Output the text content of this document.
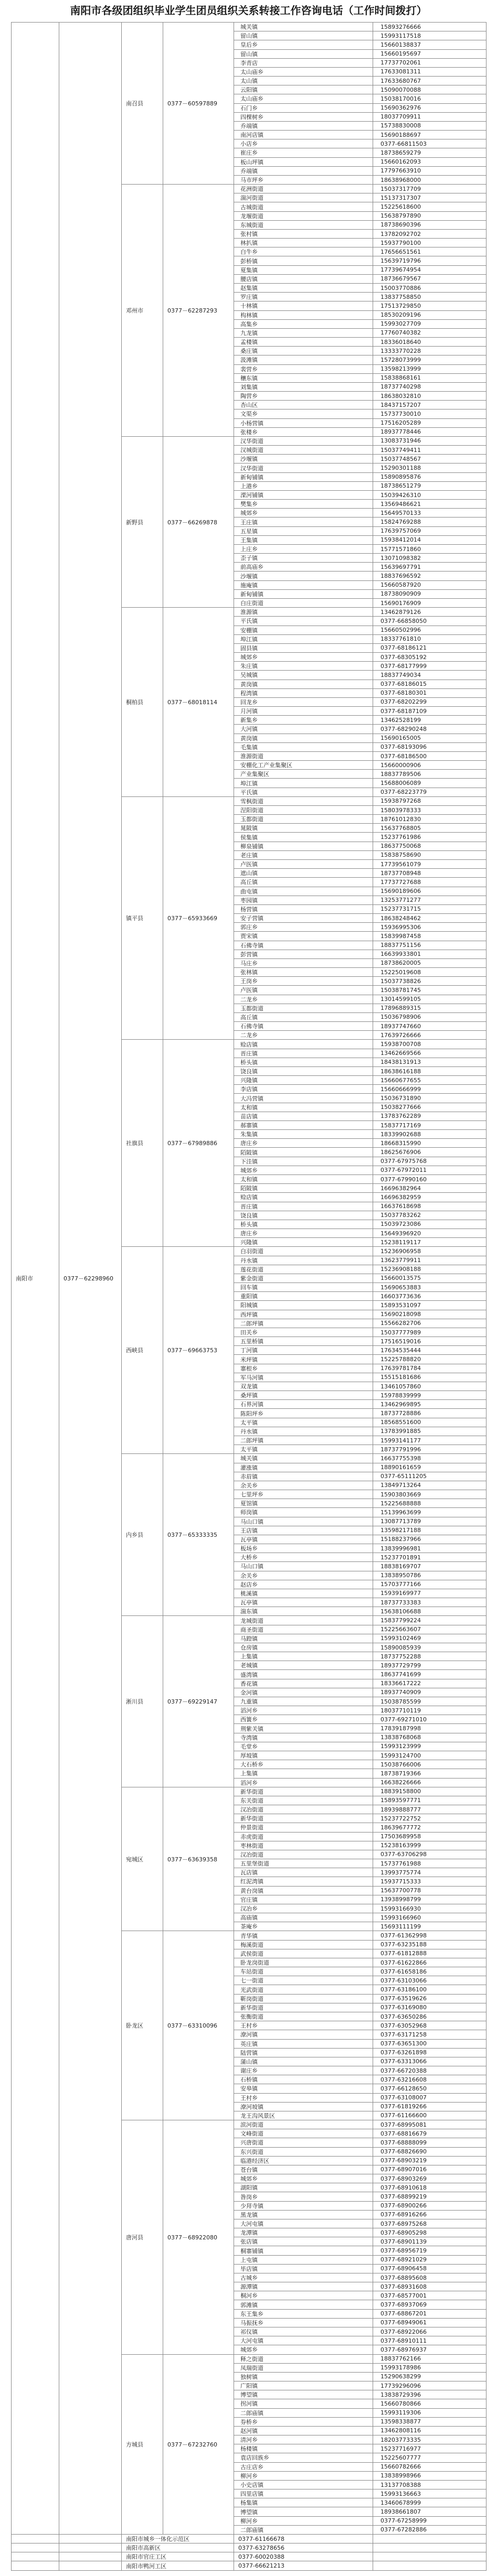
南阳市各级团组织毕业学生团员组织关系转接工作咨询电话（工作时间拨打）
南阳市	0377－62298960	南召县	0377－60597889	城关镇	15893276666
				留山镇	15993117518
				皇后乡	15660138837
				留山镇	15660195697
				李青店	17737702061
				太山庙乡	17633081311
				太山镇	17633680767
				云阳镇	15090070088
				太山庙乡	15038170016
				石门乡	15690362976
				四棵树乡	18037709911
				乔端镇	15738830008
				南河店镇	15690188697
				小店乡	0377-66811503
				崔庄乡	18738659279
				板山坪镇	15660162093
				乔端镇	17797663910
				马市坪乡	18638968000
		邓州市	0377－62287293	花洲街道	15037317709
				湍河街道	15137317307
				古城街道	15225618600
				龙堰街道	15638797890
				东城街道	18738690396
				张村镇	13782092702
				林扒镇	15937790100
				白牛乡	17656651561
				彭桥镇	15639719796
				夏集镇	17739674954
				腰店镇	18736679567
				赵集镇	15003770886
				罗庄镇	13837758850
				十林镇	17513729850
				构林镇	18530209196
				高集乡	15993027709
				九龙镇	17760740382
				孟楼镇	18336018640
				桑庄镇	13333770228
				汲滩镇	15728073999
				裴营乡	13598213999
				穰东镇	15838868161
				刘集镇	18737740298
				陶营乡	18638032810
				杏山区	18437157207
				文渠乡	15737730010
				小杨营镇	17516205289
				张楼乡	18937778446
		新野县	0377－66269878	汉华街道	13083731946
				汉城街道	15037749411
				沙堰镇	15037748567
				汉华街道	15290301188
				新甸铺镇	15890895876
				上港乡	18738651279
				溧河铺镇	15039426310
				樊集乡	13569486621
				城郊乡	15649570133
				王庄镇	15824769288
				五星镇	17639757069
				王集镇	15938412014
				上庄乡	15771571860
				歪子镇	13071098382
				前高庙乡	15639697791
				沙堰镇	18837696592
				施庵镇	15660587920
				新甸铺镇	18738090909
				白庄街道	15690176909
		桐柏县	0377－68018114	淮源镇	13462879126
				平氏镇	0377-66858050
				安棚镇	15660502996
				埠江镇	18337761810
				固县镇	0377-68186121
				城郊乡	0377-68305192
				朱庄镇	0377-68177999
				吴城镇	18837749034
				黄岗镇	0377-68186015
				程湾镇	0377-68180301
				回龙乡	0377-68202299
				月河镇	0377-68187109
				新集乡	13462528199
				大河镇	0377-68290248
				黄岗镇	15690165005
				毛集镇	0377-68193096
				淮源街道	0377-68186500
				安棚化工产业集聚区	15660000906
				产业集聚区	18837789506
				埠江镇	15688006089
				平氏镇	0377-68223779
		镇平县	0377－65933669	雪枫街道	15938797268
				涅阳街道	15803978333
				玉都街道	18761012830
				晁陂镇	15637768805
				侯集镇	15237761986
				柳泉铺镇	18637750068
				老庄镇	15838758690
				卢医镇	17739561079
				遮山镇	18737708948
				高丘镇	17737727688
				曲屯镇	15690189606
				枣园镇	13253771277
				杨营镇	15237731715
				安子营镇	18638248462
				郭庄乡	15936995306
				贾宋镇	15839987458
				石佛寺镇	18837751156
				彭营镇	16639933801
				马庄乡	18738620005
				张林镇	15225019608
				王岗乡	15037738826
				卢医镇	15038781745
				二龙乡	13014599105
				玉都街道	17896889315
				高丘镇	15036798906
				石佛寺镇	18937747660
				二龙乡	17639726666
		社旗县	0377－67989886	赊店镇	15938700708
				晋庄镇	13462669566
				桥头镇	18438131913
				饶良镇	18638616188
				兴隆镇	15660677655
				李店镇	15660666999
				大冯营镇	15036731890
				太和镇	15038277666
				苗店镇	13783762289
				郝寨镇	15837717169
				朱集镇	18339902688
				唐庄乡	18668315990
				陌陂镇	18625676906
				下洼镇	0377-67975768
				城郊乡	0377-67972011
				太和镇	0377-67990160
				陌陂镇	16696382964
				赊店镇	16696382959
				晋庄镇	16637618698
				饶良镇	15037783262
				桥头镇	15039723086
				唐庄乡	15649396920
				兴隆镇	15238119117
		西峡县	0377－69663753	白羽街道	15236906958
				丹水镇	13623779911
				莲花街道	15236908188
				紫金街道	15660013575
				回车镇	15690653883
				重阳镇	16603773636
				阳城镇	15893531097
				西坪镇	15690218098
				二郎坪镇	15566282706
				田关乡	15037777989
				五里桥镇	17516519016
				丁河镇	17634535444
				米坪镇	15225788820
				寨根乡	17639781784
				军马河镇	15515181686
				双龙镇	13461057860
				桑坪镇	15978839999
				石界河镇	13462969895
				陈阳坪乡	18737728886
				太平镇	18568551600
				丹水镇	13783991885
				二郎坪镇	15993141177
				太平镇	18737791996
		内乡县	0377－65333335	城关镇	16637755398
				灌涨镇	18890161659
				赤眉镇	0377-65111205
				余关乡	13849713264
				七里坪乡	15903803669
				夏馆镇	15225688888
				师岗镇	15139963699
				马山口镇	13087713789
				王店镇	13598217188
				瓦亭镇	15188237966
				板场乡	13839996981
				大桥乡	15237701891
				马山口镇	18838169707
				余关乡	13838950786
				赵店乡	15703777166
				桃溪镇	15939169977
				瓦亭镇	18737733383
				湍东镇	15638106688
		淅川县	0377－69229147	龙城街道	15837799224
				商圣街道	15225663607
				马蹬镇	15993102469
				仓房镇	15890085939
				上集镇	18737752288
				老城镇	18937729799
				盛湾镇	18637741699
				香花镇	18336617222
				金河镇	18937740909
				九重镇	15038785599
				滔河乡	18037710119
				西簧乡	0377-69271010
				荆紫关镇	17839187998
				寺湾镇	13838768068
				毛堂乡	15993123999
				厚坡镇	15993124700
				大石桥乡	15038766006
				上集镇	18738719366
				滔河乡	16638226666
		宛城区	0377－63639358	新华街道	18839158800
				东关街道	15893597771
				汉冶街道	18939888777
				新华街道	15237722752
				仲景街道	18639677772
				赤虎街道	17503689958
				枣林街道	15238163999
				汉冶街道	0377-63706298
				五里堡街道	15737761988
				瓦店镇	13993775774
				红泥湾镇	15937715333
				黄台岗镇	15637700778
				官庄镇	13938998799
				汉冶乡	15993166930
				高庙镇	15993166960
				茶庵乡	15693111199
		卧龙区	0377－63310096	青华镇	0377-61362998
				梅溪街道	0377-63235188
				武侯街道	0377-61812888
				卧龙岗街道	0377-61622866
				车站街道	0377-61658186
				七一街道	0377-63103066
				光武街道	0377-63186100
				靳岗街道	0377-63519626
				新华街道	0377-63169080
				张衡街道	0377-63650286
				王村乡	0377-63052968
				潦河镇	0377-63171258
				英庄镇	0377-63651300
				陆营镇	0377-63261898
				蒲山镇	0377-63313066
				谢庄乡	0377-66720388
				石桥镇	0377-63216608
				安皋镇	0377-66128650
				王村乡	0377-63108007
				潦河坡镇	0377-61819266
				龙王沟风景区	0377-61166600
		唐河县	0377－68922080	滨河街道	0377-68995081
				文峰街道	0377-68816679
				兴唐街道	0377-68888099
				东兴街道	0377-68826690
				临港经济区	0377-68903219
				苍台镇	0377-68907016
				城郊乡	0377-68903269
				湖阳镇	0377-68910618
				昝岗乡	0377-68899219
				少拜寺镇	0377-68900266
				黑龙镇	0377-68916266
				大河屯镇	0377-68975268
				龙潭镇	0377-68905298
				张店镇	0377-68901139
				桐寨铺镇	0377-68956719
				上屯镇	0377-68921029
				毕店镇	0377-68906458
				古城乡	0377-68895608
				源潭镇	0377-68931608
				桐河乡	0377-68577001
				郭滩镇	0377-68937069
				东王集乡	0377-68867201
				马振抚乡	0377-68949061
				祁仪镇	0377-68922066
				大河屯镇	0377-68910111
				城郊乡	0377-68976937
		方城县	0377－67232760	释之街道	18837762166
				凤瑞街道	15993178986
				独树镇	15290638299
				广阳镇	17739296096
				博望镇	13838729396
				拐河镇	15660780866
				二郎庙镇	15993119306
				券桥乡	13598338877
				赵河镇	13462808116
				清河乡	18203773335
				杨楼镇	15237716977
				袁店回族乡	15225607777
				古庄店乡	15660782666
				柳河乡	13838998966
				小史店镇	13137708388
				四里店镇	15993136663
				杨集镇	13460678999
				博望镇	18938661807
				柳河乡	0377-67258999
				二郎庙镇	0377-67282886
		南阳市城乡一体化示范区		0377-61166678	
		南阳市高新区		0377-63278656	
		南阳市官庄工区		0377-60020388	
		南阳市鸭河工区		0377-66621213	
